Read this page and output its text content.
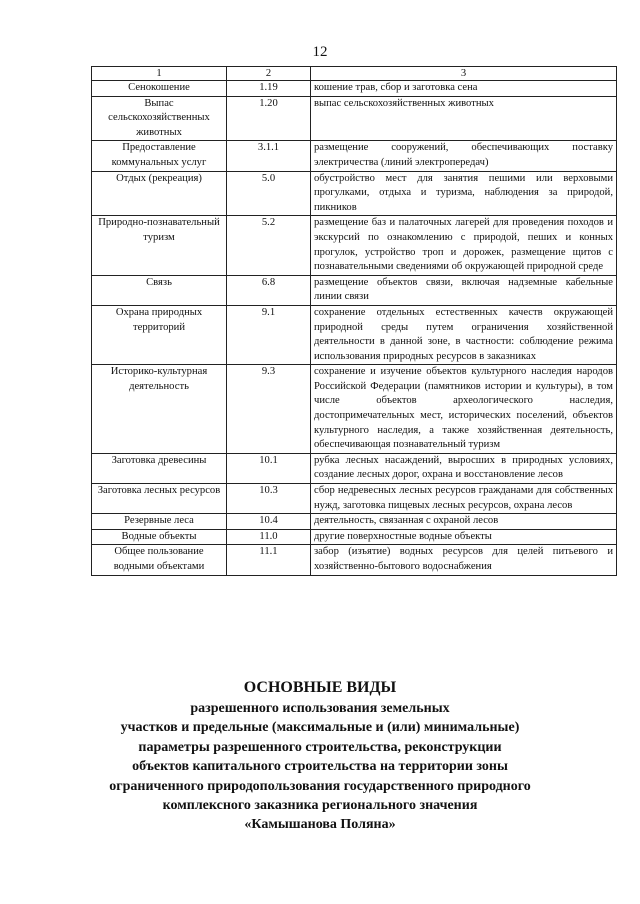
12
1	2	3
Сенокошение	1.19	кошение трав, сбор и заготовка сена
Выпас сельскохозяйственных животных	1.20	выпас сельскохозяйственных животных
Предоставление коммунальных услуг	3.1.1	размещение сооружений, обеспечивающих поставку электричества (линий электропередач)
Отдых (рекреация)	5.0	обустройство мест для занятия пешими или верховыми прогулками, отдыха и туризма, наблюдения за природой, пикников
Природно-познавательный туризм	5.2	размещение баз и палаточных лагерей для проведения походов и экскурсий по ознакомлению с природой, пеших и конных прогулок, устройство троп и дорожек, размещение щитов с познавательными сведениями об окружающей природной среде
Связь	6.8	размещение объектов связи, включая надземные кабельные линии связи
Охрана природных территорий	9.1	сохранение отдельных естественных качеств окружающей природной среды путем ограничения хозяйственной деятельности в данной зоне, в частности: соблюдение режима использования природных ресурсов в заказниках
Историко-культурная деятельность	9.3	сохранение и изучение объектов культурного наследия народов Российской Федерации (памятников истории и культуры), в том числе объектов археологического наследия, достопримечательных мест, исторических поселений, объектов культурного наследия, а также хозяйственная деятельность, обеспечивающая познавательный туризм
Заготовка древесины	10.1	рубка лесных насаждений, выросших в природных условиях, создание лесных дорог, охрана и восстановление лесов
Заготовка лесных ресурсов	10.3	сбор недревесных лесных ресурсов гражданами для собственных нужд, заготовка пищевых лесных ресурсов, охрана лесов
Резервные леса	10.4	деятельность, связанная с охраной лесов
Водные объекты	11.0	другие поверхностные водные объекты
Общее пользование водными объектами	11.1	забор (изъятие) водных ресурсов для целей питьевого и хозяйственно-бытового водоснабжения
ОСНОВНЫЕ ВИДЫ
разрешенного использования земельных
участков и предельные (максимальные и (или) минимальные)
параметры разрешенного строительства, реконструкции
объектов капитального строительства на территории зоны
ограниченного природопользования государственного природного
комплексного заказника регионального значения
«Камышанова Поляна»
